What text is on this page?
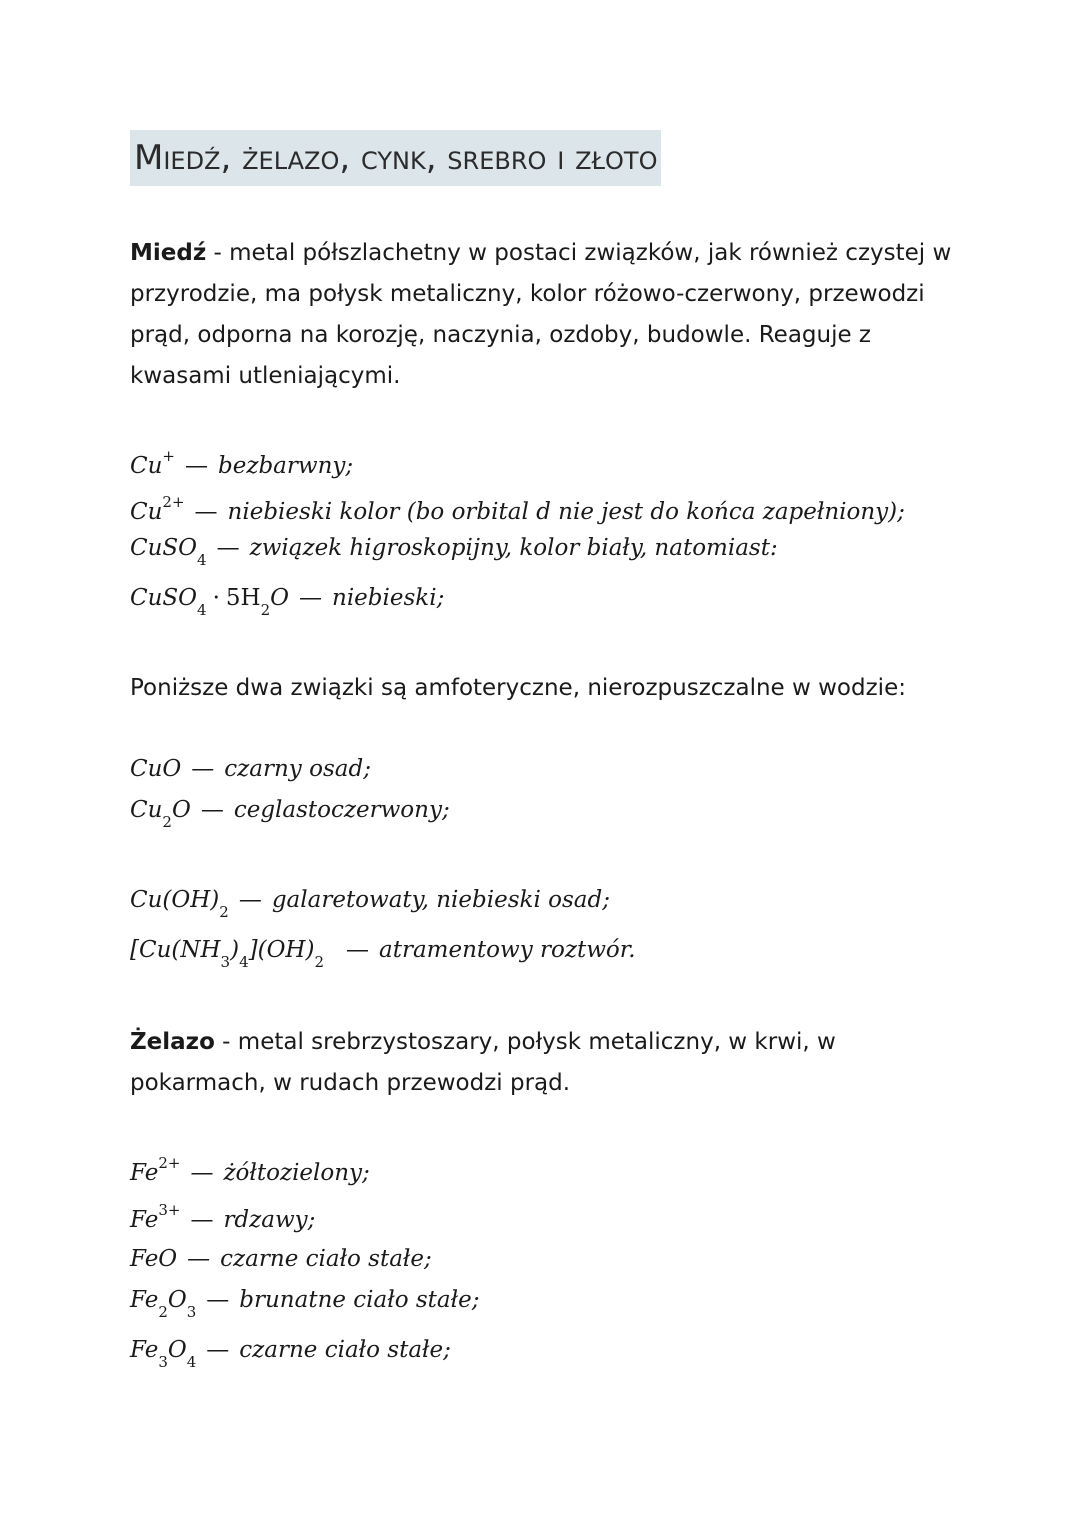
Miedź, żelazo, cynk, srebro i złoto
Miedź - metal półszlachetny w postaci związków, jak również czystej w przyrodzie, ma połysk metaliczny, kolor różowo-czerwony, przewodzi prąd, odporna na korozję, naczynia, ozdoby, budowle. Reaguje z kwasami utleniającymi.
Cu+ — bezbarwny;
$Cu^{2+}$ — niebieski kolor (bo orbital d nie jest do końca zapełniony);
CuSO$_4$ — związek higroskopijny, kolor biały, natomiast:
CuSO$_4$ · $5H_2O$ — niebieski;
Poniższe dwa związki są amfoteryczne, nierozpuszczalne w wodzie:
CuO — czarny osad;
$Cu_2O$ — ceglastoczerwony;
$Cu(OH)_2$ — galaretowaty, niebieski osad;
$[Cu(NH_3)_4](OH)_2$ — atramentowy roztwór.
Żelazo - metal srebrzystoszary, połysk metaliczny, w krwi, w pokarmach, w rudach przewodzi prąd.
$Fe^{2+}$ — żółtozielony;
$Fe^{3+}$ — rdzawy;
FeO — czarne ciało stałe;
$Fe_2O_3$ — brunatne ciało stałe;
$Fe_3O_4$ — czarne ciało stałe;
